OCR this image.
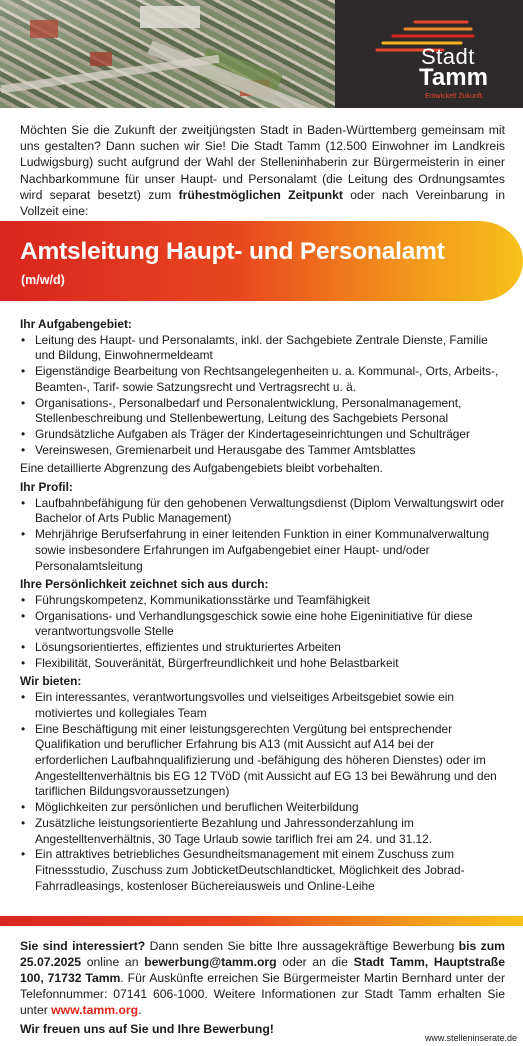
Stadt
Tamm
Entwickelt Zukunft.

Möchten Sie die Zukunft der zweitjüngsten Stadt in Baden-Württemberg gemeinsam mit uns gestalten? Dann suchen wir Sie! Die Stadt Tamm (12.500 Einwohner im Landkreis Ludwigsburg) sucht aufgrund der Wahl der Stelleninhaberin zur Bürgermeisterin in einer Nachbarkommune für unser Haupt- und Personalamt (die Leitung des Ordnungsamtes wird separat besetzt) zum frühestmöglichen Zeitpunkt oder nach Vereinbarung in Vollzeit eine:

Amtsleitung Haupt- und Personalamt
(m/w/d)
Ihr Aufgabengebiet:
• Leitung des Haupt- und Personalamts, inkl. der Sachgebiete Zentrale Dienste, Familie und Bildung, Einwohnermeldeamt
• Eigenständige Bearbeitung von Rechtsangelegenheiten u. a. Kommunal-, Orts, Arbeits-, Beamten-, Tarif- sowie Satzungsrecht und Vertragsrecht u. ä.
• Organisations-, Personalbedarf und Personalentwicklung, Personalmanagement, Stellenbeschreibung und Stellenbewertung, Leitung des Sachgebiets Personal
• Grundsätzliche Aufgaben als Träger der Kindertageseinrichtungen und Schulträger
• Vereinswesen, Gremienarbeit und Herausgabe des Tammer Amtsblattes
Eine detaillierte Abgrenzung des Aufgabengebiets bleibt vorbehalten.
Ihr Profil:
• Laufbahnbefähigung für den gehobenen Verwaltungsdienst (Diplom Verwaltungswirt oder Bachelor of Arts Public Management)
• Mehrjährige Berufserfahrung in einer leitenden Funktion in einer Kommunalverwaltung sowie insbesondere Erfahrungen im Aufgabengebiet einer Haupt- und/oder Personalamtsleitung
Ihre Persönlichkeit zeichnet sich aus durch:
• Führungskompetenz, Kommunikationsstärke und Teamfähigkeit
• Organisations- und Verhandlungsgeschick sowie eine hohe Eigeninitiative für diese verantwortungsvolle Stelle
• Lösungsorientiertes, effizientes und strukturiertes Arbeiten
• Flexibilität, Souveränität, Bürgerfreundlichkeit und hohe Belastbarkeit
Wir bieten:
• Ein interessantes, verantwortungsvolles und vielseitiges Arbeitsgebiet sowie ein motiviertes und kollegiales Team
• Eine Beschäftigung mit einer leistungsgerechten Vergütung bei entsprechender Qualifikation und beruflicher Erfahrung bis A13 (mit Aussicht auf A14 bei der erforderlichen Laufbahnqualifizierung und -befähigung des höheren Dienstes) oder im Angestelltenverhältnis bis EG 12 TVöD (mit Aussicht auf EG 13 bei Bewährung und den tariflichen Bildungsvoraussetzungen)
• Möglichkeiten zur persönlichen und beruflichen Weiterbildung
• Zusätzliche leistungsorientierte Bezahlung und Jahressonderzahlung im Angestelltenverhältnis, 30 Tage Urlaub sowie tariflich frei am 24. und 31.12.
• Ein attraktives betriebliches Gesundheitsmanagement mit einem Zuschuss zum Fitnessstudio, Zuschuss zum JobticketDeutschlandticket, Möglichkeit des Jobrad-Fahrradleasings, kostenloser Büchereiausweis und Online-Leihe

Sie sind interessiert? Dann senden Sie bitte Ihre aussagekräftige Bewerbung bis zum 25.07.2025 online an bewerbung@tamm.org oder an die Stadt Tamm, Hauptstraße 100, 71732 Tamm. Für Auskünfte erreichen Sie Bürgermeister Martin Bernhard unter der Telefonnummer: 07141 606-1000. Weitere Informationen zur Stadt Tamm erhalten Sie unter www.tamm.org.

Wir freuen uns auf Sie und Ihre Bewerbung!
www.stelleninserate.de
